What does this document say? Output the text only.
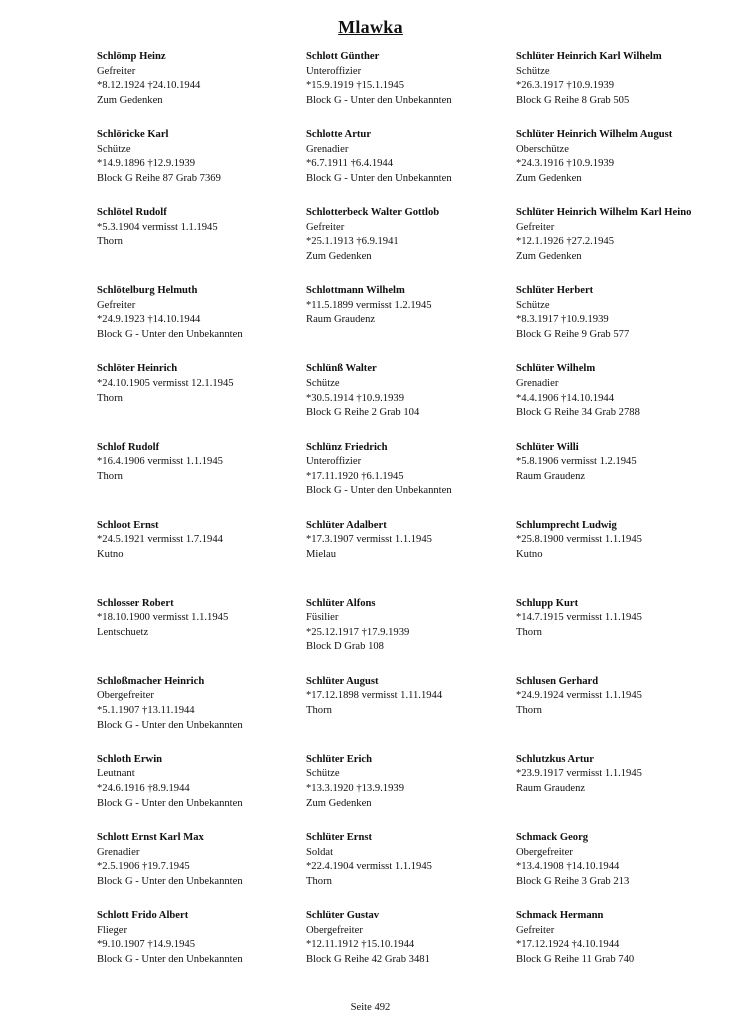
Mlawka
Schlömp Heinz
Gefreiter
*8.12.1924 †24.10.1944
Zum Gedenken
Schlöricke Karl
Schütze
*14.9.1896 †12.9.1939
Block G Reihe 87 Grab 7369
Schlötel Rudolf
*5.3.1904 vermisst 1.1.1945
Thorn
Schlötelburg Helmuth
Gefreiter
*24.9.1923 †14.10.1944
Block G - Unter den Unbekannten
Schlöter Heinrich
*24.10.1905 vermisst 12.1.1945
Thorn
Schlof Rudolf
*16.4.1906 vermisst 1.1.1945
Thorn
Schloot Ernst
*24.5.1921 vermisst 1.7.1944
Kutno
Schlosser Robert
*18.10.1900 vermisst 1.1.1945
Lentschuetz
Schloßmacher Heinrich
Obergefreiter
*5.1.1907 †13.11.1944
Block G - Unter den Unbekannten
Schloth Erwin
Leutnant
*24.6.1916 †8.9.1944
Block G - Unter den Unbekannten
Schlott Ernst Karl Max
Grenadier
*2.5.1906 †19.7.1945
Block G - Unter den Unbekannten
Schlott Frido Albert
Flieger
*9.10.1907 †14.9.1945
Block G - Unter den Unbekannten
Schlott Günther
Unteroffizier
*15.9.1919 †15.1.1945
Block G - Unter den Unbekannten
Schlotte Artur
Grenadier
*6.7.1911 †6.4.1944
Block G - Unter den Unbekannten
Schlotterbeck Walter Gottlob
Gefreiter
*25.1.1913 †6.9.1941
Zum Gedenken
Schlottmann Wilhelm
*11.5.1899 vermisst 1.2.1945
Raum Graudenz
Schlünß Walter
Schütze
*30.5.1914 †10.9.1939
Block G Reihe 2 Grab 104
Schlünz Friedrich
Unteroffizier
*17.11.1920 †6.1.1945
Block G - Unter den Unbekannten
Schlüter Adalbert
*17.3.1907 vermisst 1.1.1945
Mielau
Schlüter Alfons
Füsilier
*25.12.1917 †17.9.1939
Block D Grab 108
Schlüter August
*17.12.1898 vermisst 1.11.1944
Thorn
Schlüter Erich
Schütze
*13.3.1920 †13.9.1939
Zum Gedenken
Schlüter Ernst
Soldat
*22.4.1904 vermisst 1.1.1945
Thorn
Schlüter Gustav
Obergefreiter
*12.11.1912 †15.10.1944
Block G Reihe 42 Grab 3481
Schlüter Heinrich Karl Wilhelm
Schütze
*26.3.1917 †10.9.1939
Block G Reihe 8 Grab 505
Schlüter Heinrich Wilhelm August
Oberschütze
*24.3.1916 †10.9.1939
Zum Gedenken
Schlüter Heinrich Wilhelm Karl Heino
Gefreiter
*12.1.1926 †27.2.1945
Zum Gedenken
Schlüter Herbert
Schütze
*8.3.1917 †10.9.1939
Block G Reihe 9 Grab 577
Schlüter Wilhelm
Grenadier
*4.4.1906 †14.10.1944
Block G Reihe 34 Grab 2788
Schlüter Willi
*5.8.1906 vermisst 1.2.1945
Raum Graudenz
Schlumprecht Ludwig
*25.8.1900 vermisst 1.1.1945
Kutno
Schlupp Kurt
*14.7.1915 vermisst 1.1.1945
Thorn
Schlusen Gerhard
*24.9.1924 vermisst 1.1.1945
Thorn
Schlutzkus Artur
*23.9.1917 vermisst 1.1.1945
Raum Graudenz
Schmack Georg
Obergefreiter
*13.4.1908 †14.10.1944
Block G Reihe 3 Grab 213
Schmack Hermann
Gefreiter
*17.12.1924 †4.10.1944
Block G Reihe 11 Grab 740
Seite 492
